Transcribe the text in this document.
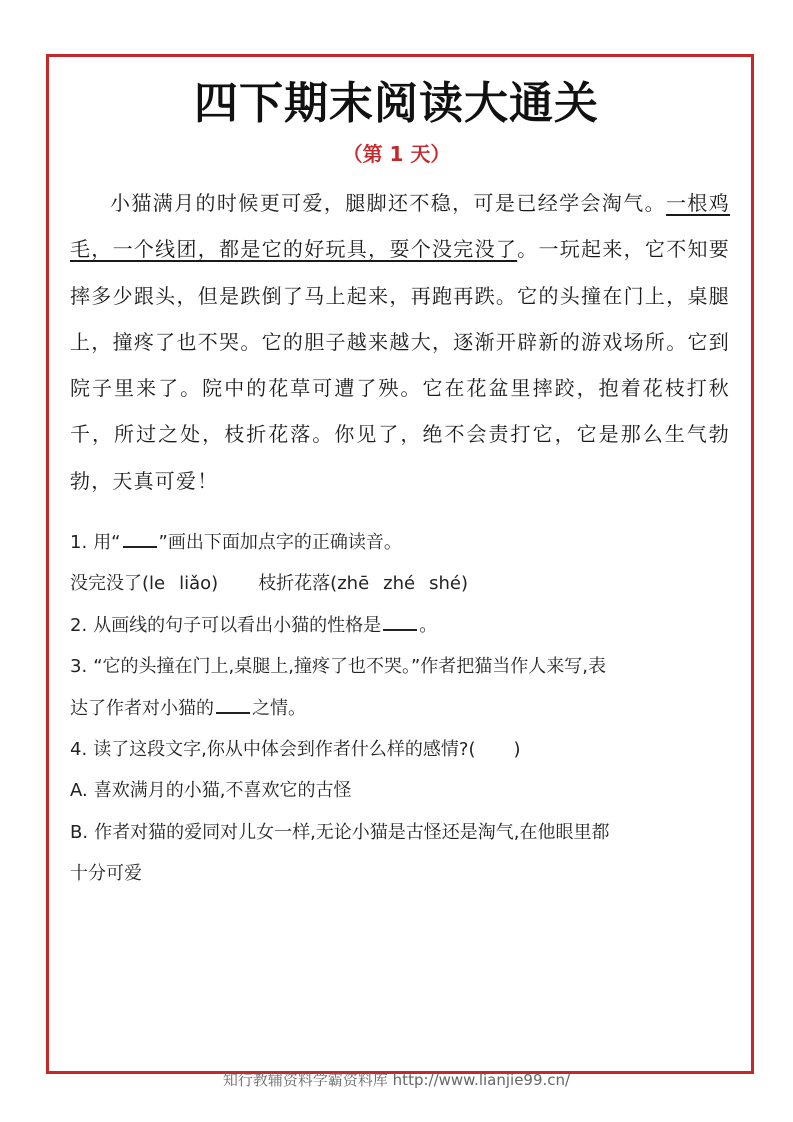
四下期末阅读大通关
（第 1 天）

小猫满月的时候更可爱，腿脚还不稳，可是已经学会淘气。一根鸡毛，一个线团，都是它的好玩具，耍个没完没了。一玩起来，它不知要摔多少跟头，但是跌倒了马上起来，再跑再跌。它的头撞在门上，桌腿上，撞疼了也不哭。它的胆子越来越大，逐渐开辟新的游戏场所。它到院子里来了。院中的花草可遭了殃。它在花盆里摔跤，抱着花枝打秋千，所过之处，枝折花落。你见了，绝不会责打它，它是那么生气勃勃，天真可爱！

1. 用“ ”画出下面加点字的正确读音。

没完没了(le liǎo) 枝折花落(zhē zhé shé)

2. 从画线的句子可以看出小猫的性格是 。

3. “它的头撞在门上,桌腿上,撞疼了也不哭。”作者把猫当作人来写,表

达了作者对小猫的 之情。

4. 读了这段文字,你从中体会到作者什么样的感情?( )

A. 喜欢满月的小猫,不喜欢它的古怪

B. 作者对猫的爱同对儿女一样,无论小猫是古怪还是淘气,在他眼里都

十分可爱

知行教辅资料学霸资料库 http://www.lianjie99.cn/
